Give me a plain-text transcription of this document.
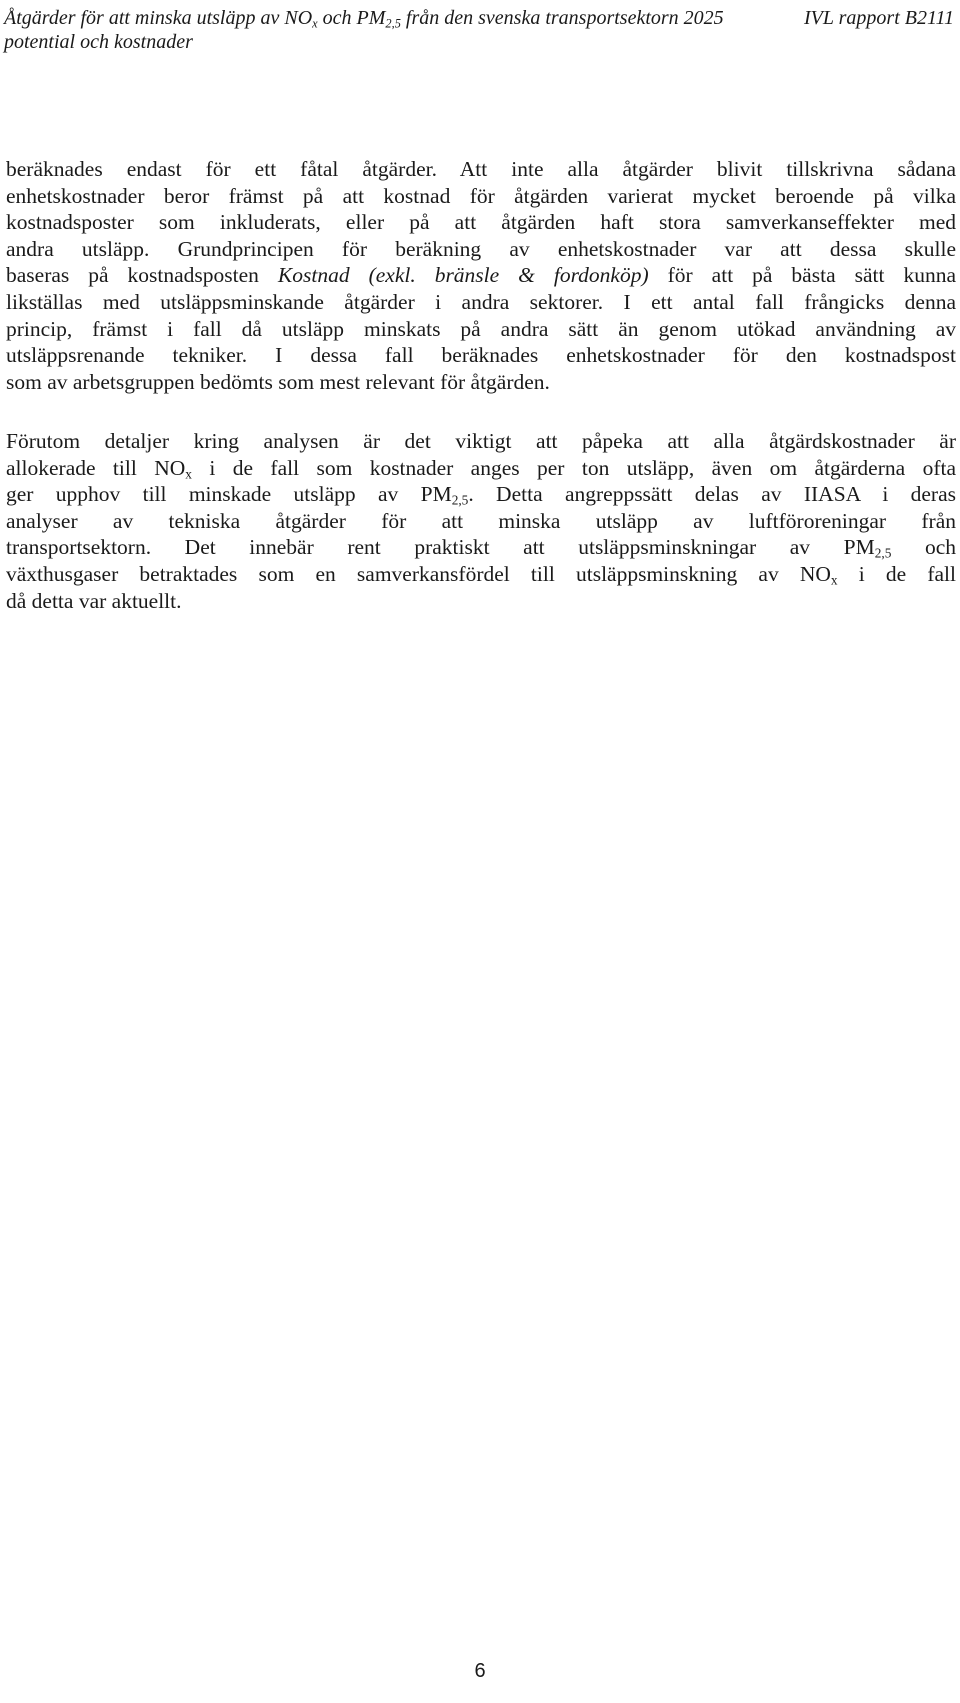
Åtgärder för att minska utsläpp av $NO_x$ och $PM_{2,5}$ från den svenska transportsektorn 2025	IVL rapport B2111
potential och kostnader
beräknades endast för ett fåtal åtgärder. Att inte alla åtgärder blivit tillskrivna sådana
enhetskostnader beror främst på att kostnad för åtgärden varierat mycket beroende på vilka
kostnadsposter som inkluderats, eller på att åtgärden haft stora samverkanseffekter med
andra utsläpp. Grundprincipen för beräkning av enhetskostnader var att dessa skulle
baseras på kostnadsposten Kostnad (exkl. bränsle & fordonköp) för att på bästa sätt kunna
likställas med utsläppsminskande åtgärder i andra sektorer. I ett antal fall frångicks denna
princip, främst i fall då utsläpp minskats på andra sätt än genom utökad användning av
utsläppsrenande tekniker. I dessa fall beräknades enhetskostnader för den kostnadspost
som av arbetsgruppen bedömts som mest relevant för åtgärden.
Förutom detaljer kring analysen är det viktigt att påpeka att alla åtgärdskostnader är
allokerade till $NO_x$ i de fall som kostnader anges per ton utsläpp, även om åtgärderna ofta
ger upphov till minskade utsläpp av $PM_{2,5}$. Detta angreppssätt delas av IIASA i deras
analyser av tekniska åtgärder för att minska utsläpp av luftföroreningar från
transportsektorn. Det innebär rent praktiskt att utsläppsminskningar av $PM_{2,5}$ och
växthusgaser betraktades som en samverkansfördel till utsläppsminskning av $NO_x$ i de fall
då detta var aktuellt.
6
